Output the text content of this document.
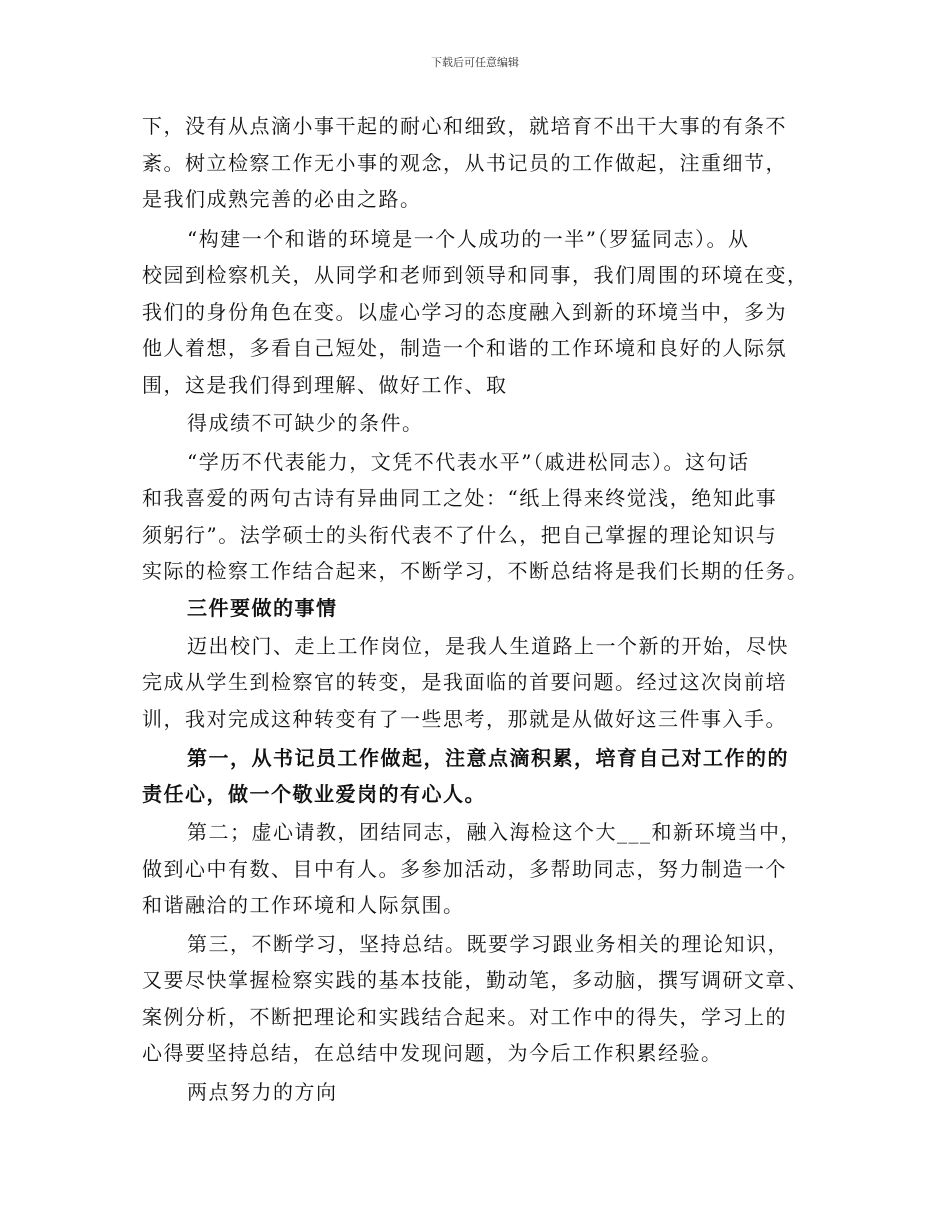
下载后可任意编辑
下，没有从点滴小事干起的耐心和细致，就培育不出干大事的有条不
紊。树立检察工作无小事的观念，从书记员的工作做起，注重细节，
是我们成熟完善的必由之路。
“构建一个和谐的环境是一个人成功的一半”（罗猛同志）。从
校园到检察机关，从同学和老师到领导和同事，我们周围的环境在变，
我们的身份角色在变。以虚心学习的态度融入到新的环境当中，多为
他人着想，多看自己短处，制造一个和谐的工作环境和良好的人际氛
围，这是我们得到理解、做好工作、取
得成绩不可缺少的条件。
“学历不代表能力，文凭不代表水平”（戚进松同志）。这句话
和我喜爱的两句古诗有异曲同工之处：“纸上得来终觉浅，绝知此事
须躬行”。法学硕士的头衔代表不了什么，把自己掌握的理论知识与
实际的检察工作结合起来，不断学习，不断总结将是我们长期的任务。
三件要做的事情
迈出校门、走上工作岗位，是我人生道路上一个新的开始，尽快
完成从学生到检察官的转变，是我面临的首要问题。经过这次岗前培
训，我对完成这种转变有了一些思考，那就是从做好这三件事入手。
第一，从书记员工作做起，注意点滴积累，培育自己对工作的的
责任心，做一个敬业爱岗的有心人。
第二；虚心请教，团结同志，融入海检这个大___和新环境当中，
做到心中有数、目中有人。多参加活动，多帮助同志，努力制造一个
和谐融洽的工作环境和人际氛围。
第三，不断学习，坚持总结。既要学习跟业务相关的理论知识，
又要尽快掌握检察实践的基本技能，勤动笔，多动脑，撰写调研文章、
案例分析，不断把理论和实践结合起来。对工作中的得失，学习上的
心得要坚持总结，在总结中发现问题，为今后工作积累经验。
两点努力的方向
